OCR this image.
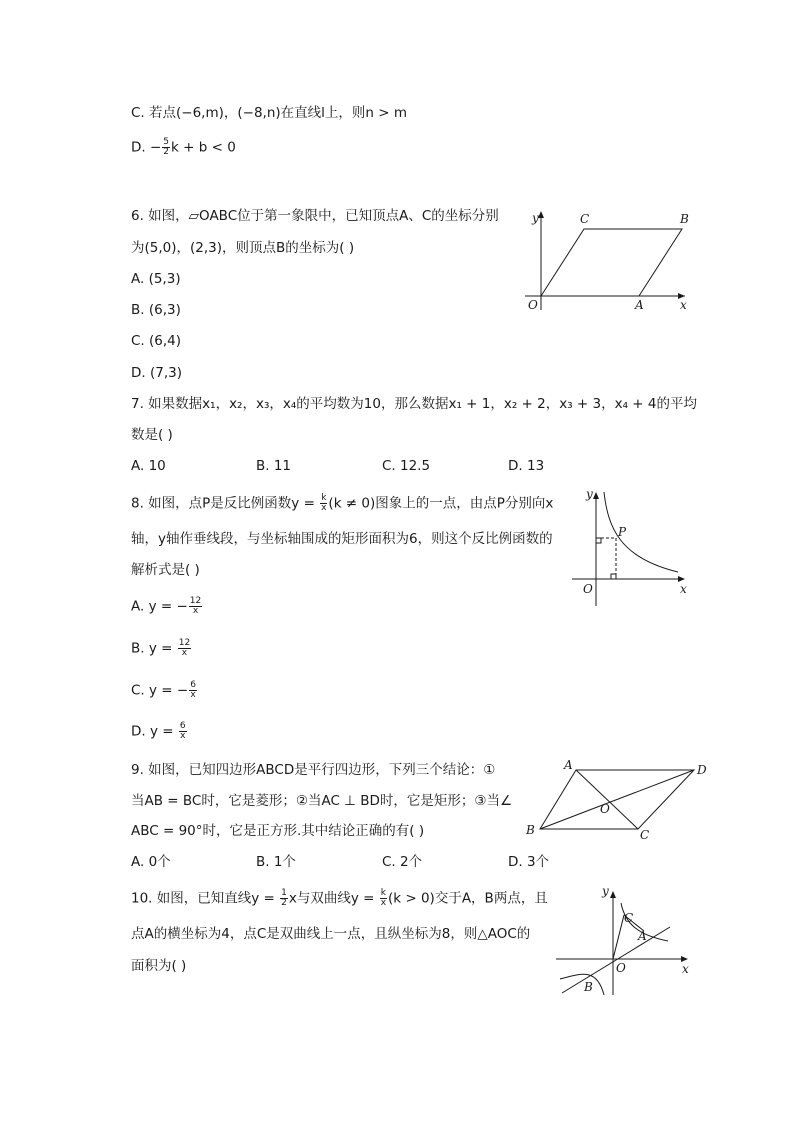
C. 若点(−6,m)，(−8,n)在直线l上，则n > m
D. − $\frac{5}{2}$ k + b < 0
6. 如图，▱OABC位于第一象限中，已知顶点A、C的坐标分别
为(5,0)，(2,3)，则顶点B的坐标为( )
A. (5,3)
B. (6,3)
C. (6,4)
D. (7,3)
y	C	B
O	A	x
7. 如果数据x₁，x₂，x₃，x₄的平均数为10，那么数据x₁ + 1，x₂ + 2，x₃ + 3，x₄ + 4的平均
数是( )
A. 10	B. 11	C. 12.5	D. 13
8. 如图，点P是反比例函数$y = \frac{k}{x} (k \ne 0)$图象上的一点，由点P分别向x
轴，y轴作垂线段，与坐标轴围成的矩形面积为6，则这个反比例函数的
解析式是( )
A. y = − $\frac{12}{x}$
B. $y = \frac{12}{x}$
C. y = − $\frac{6}{x}$
D. $y = \frac{6}{x}$
y
P
O	x
9. 如图，已知四边形ABCD是平行四边形，下列三个结论：①
当AB = BC时，它是菱形；②当AC ⊥ BD时，它是矩形；③当∠
ABC = 90°时，它是正方形.其中结论正确的有( )
A. 0个	B. 1个	C. 2个	D. 3个
A	D
O
B	C
10. 如图，已知直线$y = \frac{1}{2}$ x与双曲线$y = \frac{k}{x} (k > 0)$交于A，B两点，且
点A的横坐标为4，点C是双曲线上一点，且纵坐标为8，则△AOC的
面积为( )
y
C
A
O	x
B
